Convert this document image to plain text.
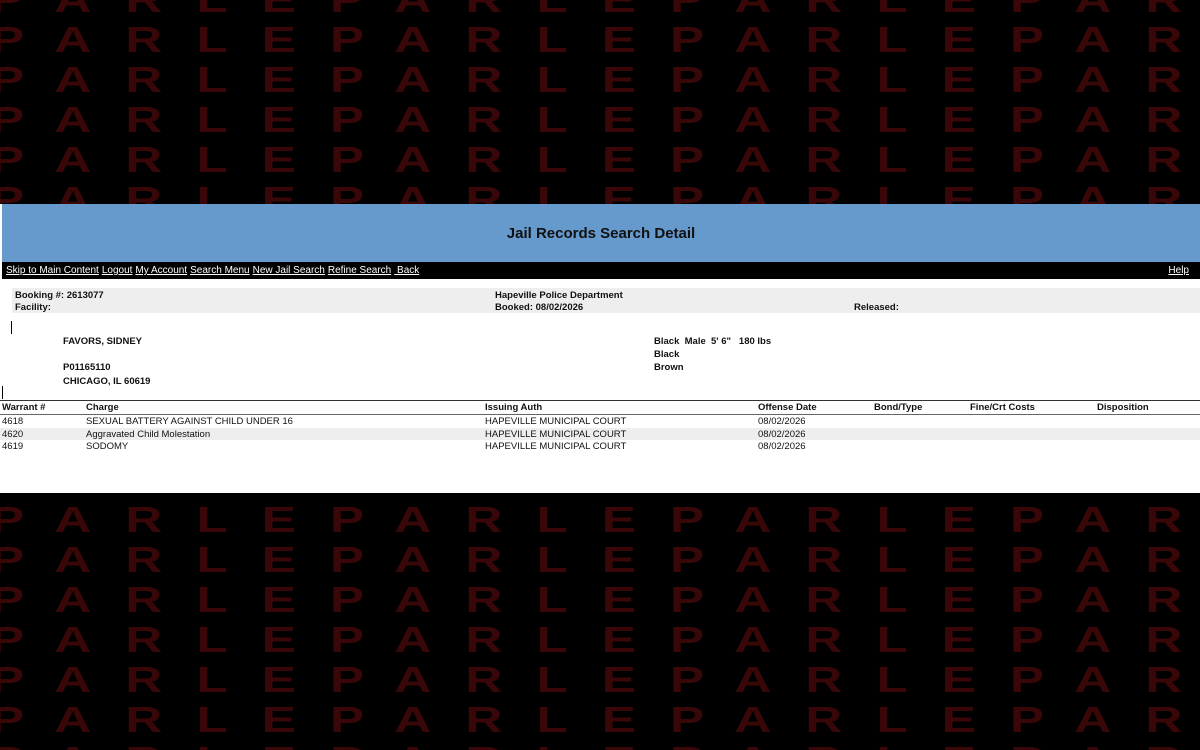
Jail Records Search Detail
Skip to Main Content Logout My Account Search Menu New Jail Search Refine Search Back	Help
Booking #: 2613077
Facility:
Hapeville Police Department
Booked: 08/02/2026	Released:
FAVORS, SIDNEY
P01165110
CHICAGO, IL 60619
Black  Male  5' 6"   180 lbs
Black
Brown
Warrant #	Charge	Issuing Auth	Offense Date	Bond/Type	Fine/Crt Costs	Disposition
4618	SEXUAL BATTERY AGAINST CHILD UNDER 16	HAPEVILLE MUNICIPAL COURT	08/02/2026
4620	Aggravated Child Molestation	HAPEVILLE MUNICIPAL COURT	08/02/2026
4619	SODOMY	HAPEVILLE MUNICIPAL COURT	08/02/2026
